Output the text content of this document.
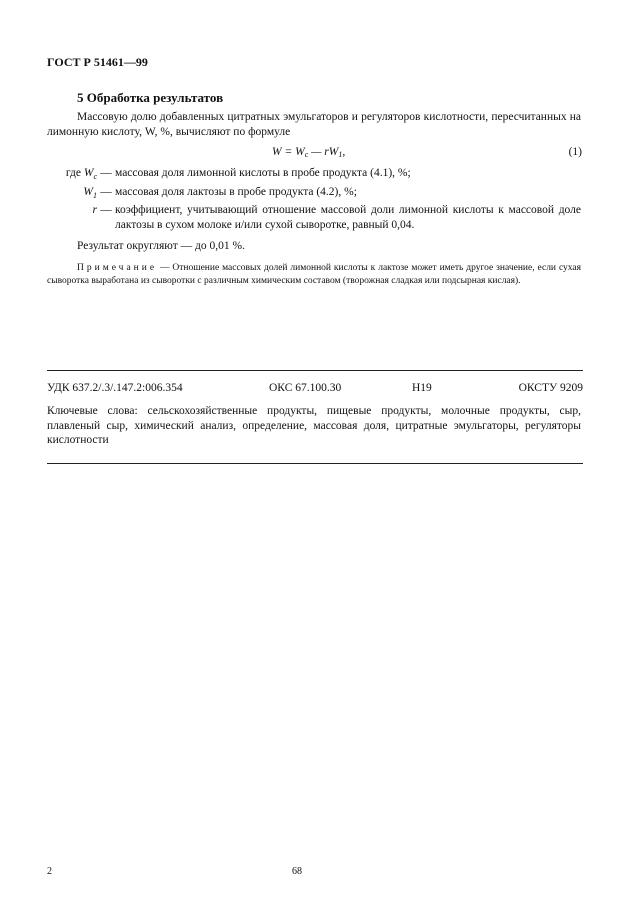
ГОСТ Р 51461—99
5 Обработка результатов
Массовую долю добавленных цитратных эмульгаторов и регуляторов кислотности, пересчитанных на лимонную кислоту, W, %, вычисляют по формуле
$W = W_c$ — $rW_1$,	(1)
где $W_c$ — массовая доля лимонной кислоты в пробе продукта (4.1), %;
$W_1$ — массовая доля лактозы в пробе продукта (4.2), %;
r — коэффициент, учитывающий отношение массовой доли лимонной кислоты к массовой доле лактозы в сухом молоке и/или сухой сыворотке, равный 0,04.
Результат округляют — до 0,01 %.
Примечание — Отношение массовых долей лимонной кислоты к лактозе может иметь другое значение, если сухая сыворотка выработана из сыворотки с различным химическим составом (творожная сладкая или подсырная кислая).
УДК 637.2/.3/.147.2:006.354	ОКС 67.100.30	Н19	ОКСТУ 9209
Ключевые слова: сельскохозяйственные продукты, пищевые продукты, молочные продукты, сыр, плавленый сыр, химический анализ, определение, массовая доля, цитратные эмульгаторы, регуляторы кислотности
2	68
